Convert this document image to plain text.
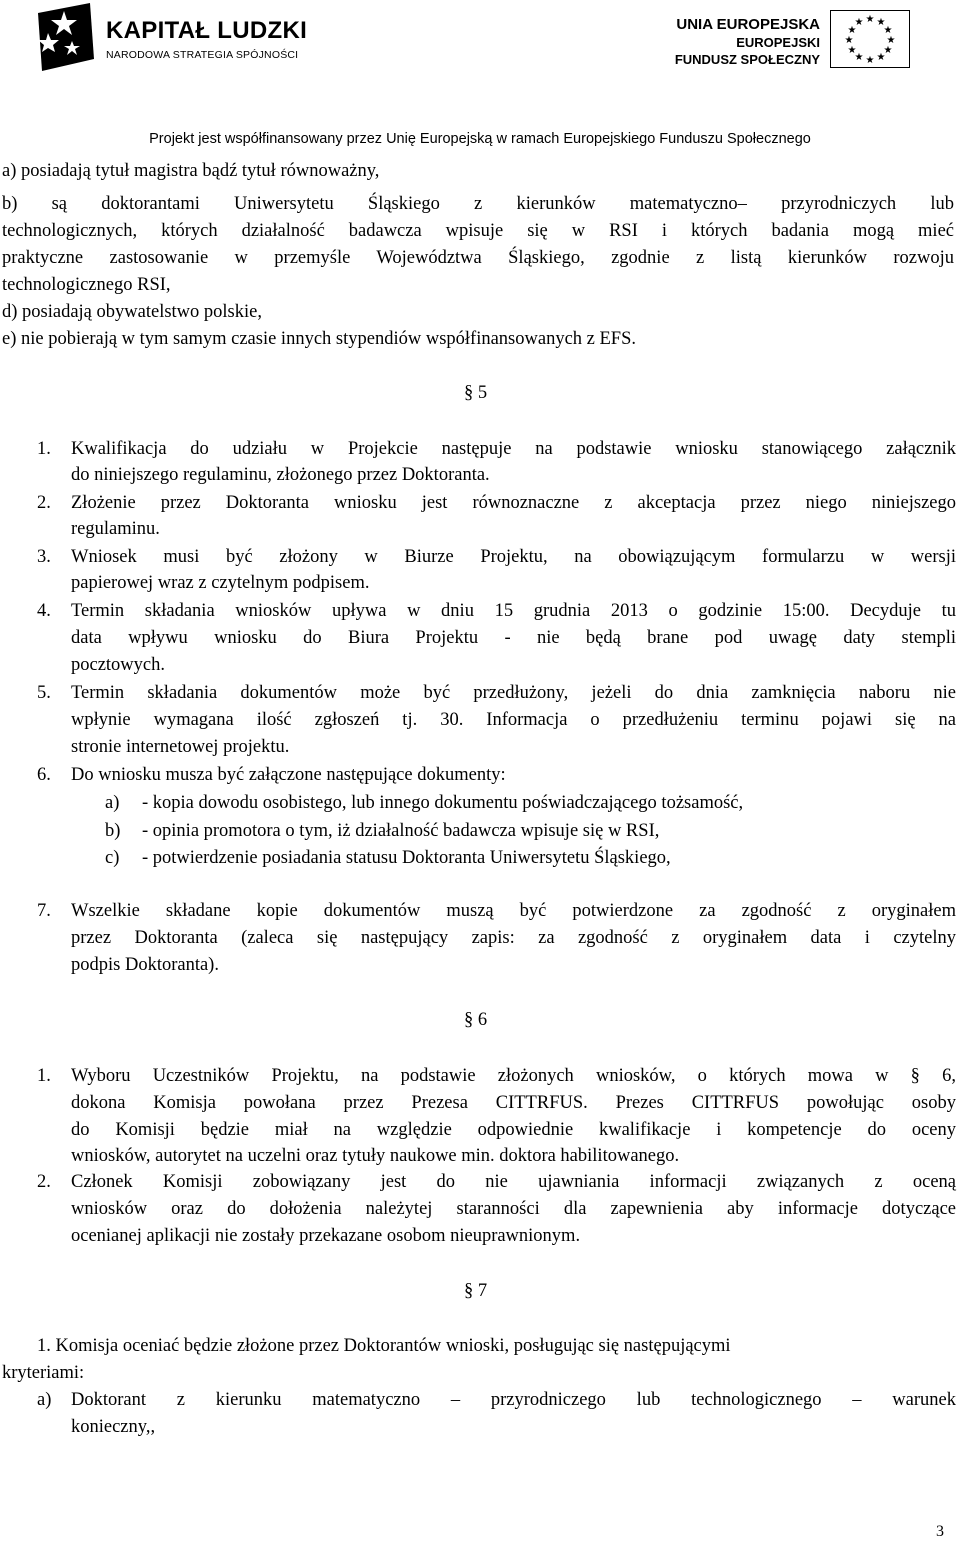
KAPITAŁ LUDZKI
NARODOWA STRATEGIA SPÓJNOŚCI
UNIA EUROPEJSKA
EUROPEJSKI
FUNDUSZ SPOŁECZNY
★ ★
★
★
★
★
★
★
★
★
★
★
Projekt jest współfinansowany przez Unię Europejską w ramach Europejskiego Funduszu Społecznego
a) posiadają tytuł magistra bądź tytuł równoważny,
b) są doktorantami Uniwersytetu Śląskiego z kierunków matematyczno– przyrodniczych lub
technologicznych, których działalność badawcza wpisuje się w RSI i których badania mogą mieć
praktyczne zastosowanie w przemyśle Województwa Śląskiego, zgodnie z listą kierunków rozwoju
technologicznego RSI,
d) posiadają obywatelstwo polskie,
e) nie pobierają w tym samym czasie innych stypendiów współfinansowanych z EFS.
§ 5
1. Kwalifikacja do udziału w Projekcie następuje na podstawie wniosku stanowiącego załącznik
do niniejszego regulaminu, złożonego przez Doktoranta.
2. Złożenie przez Doktoranta wniosku jest równoznaczne z akceptacja przez niego niniejszego
regulaminu.
3. Wniosek musi być złożony w Biurze Projektu, na obowiązującym formularzu w wersji
papierowej wraz z czytelnym podpisem.
4. Termin składania wniosków upływa w dniu 15 grudnia 2013 o godzinie 15:00. Decyduje tu
data wpływu wniosku do Biura Projektu - nie będą brane pod uwagę daty stempli
pocztowych.
5. Termin składania dokumentów może być przedłużony, jeżeli do dnia zamknięcia naboru nie
wpłynie wymagana ilość zgłoszeń tj. 30. Informacja o przedłużeniu terminu pojawi się na
stronie internetowej projektu.
6. Do wniosku musza być załączone następujące dokumenty:
a) - kopia dowodu osobistego, lub innego dokumentu poświadczającego tożsamość,
b) - opinia promotora o tym, iż działalność badawcza wpisuje się w RSI,
c) - potwierdzenie posiadania statusu Doktoranta Uniwersytetu Śląskiego,
7. Wszelkie składane kopie dokumentów muszą być potwierdzone za zgodność z oryginałem
przez Doktoranta (zaleca się następujący zapis: za zgodność z oryginałem data i czytelny
podpis Doktoranta).
§ 6
1. Wyboru Uczestników Projektu, na podstawie złożonych wniosków, o których mowa w § 6,
dokona Komisja powołana przez Prezesa CITTRFUS. Prezes CITTRFUS powołując osoby
do Komisji będzie miał na względzie odpowiednie kwalifikacje i kompetencje do oceny
wniosków, autorytet na uczelni oraz tytuły naukowe min. doktora habilitowanego.
2. Członek Komisji zobowiązany jest do nie ujawniania informacji związanych z oceną
wniosków oraz do dołożenia należytej staranności dla zapewnienia aby informacje dotyczące
ocenianej aplikacji nie zostały przekazane osobom nieuprawnionym.
§ 7
1. Komisja oceniać będzie złożone przez Doktorantów wnioski, posługując się następującymi
kryteriami:
a) Doktorant z kierunku matematyczno – przyrodniczego lub technologicznego – warunek
konieczny,,
3
